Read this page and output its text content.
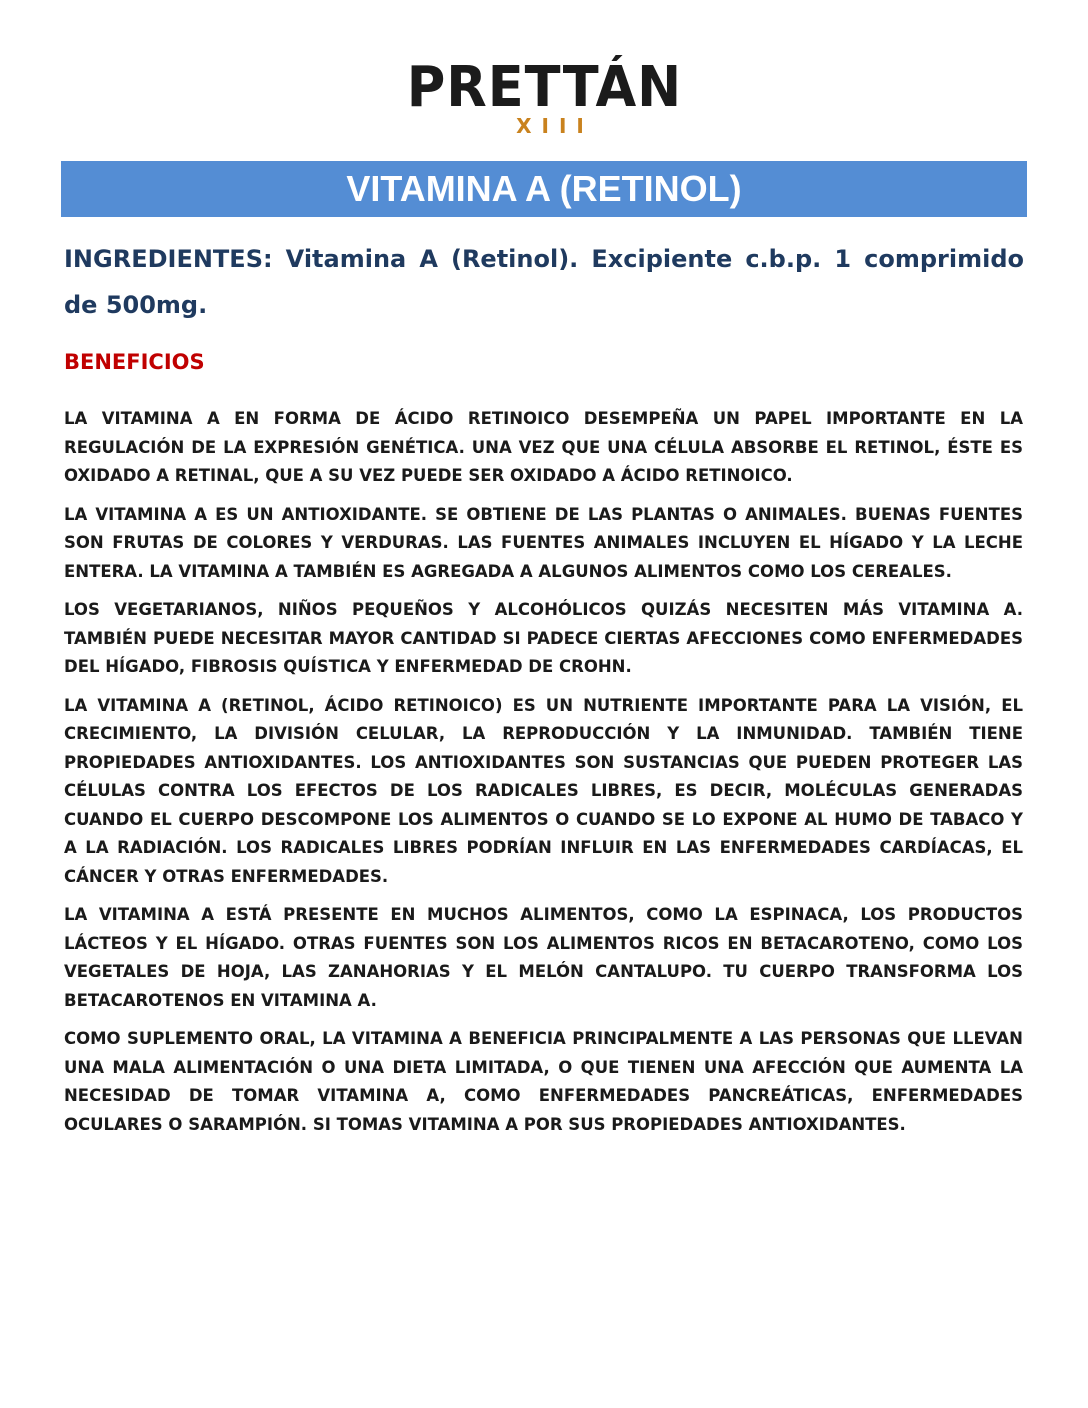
PRETTÁN
XIII
VITAMINA A (RETINOL)
INGREDIENTES: Vitamina A (Retinol). Excipiente c.b.p. 1 comprimido de 500mg.
BENEFICIOS

LA VITAMINA A EN FORMA DE ÁCIDO RETINOICO DESEMPEÑA UN PAPEL IMPORTANTE EN LA REGULACIÓN DE LA EXPRESIÓN GENÉTICA. UNA VEZ QUE UNA CÉLULA ABSORBE EL RETINOL, ÉSTE ES OXIDADO A RETINAL, QUE A SU VEZ PUEDE SER OXIDADO A ÁCIDO RETINOICO.

LA VITAMINA A ES UN ANTIOXIDANTE. SE OBTIENE DE LAS PLANTAS O ANIMALES. BUENAS FUENTES SON FRUTAS DE COLORES Y VERDURAS. LAS FUENTES ANIMALES INCLUYEN EL HÍGADO Y LA LECHE ENTERA. LA VITAMINA A TAMBIÉN ES AGREGADA A ALGUNOS ALIMENTOS COMO LOS CEREALES.

LOS VEGETARIANOS, NIÑOS PEQUEÑOS Y ALCOHÓLICOS QUIZÁS NECESITEN MÁS VITAMINA A. TAMBIÉN PUEDE NECESITAR MAYOR CANTIDAD SI PADECE CIERTAS AFECCIONES COMO ENFERMEDADES DEL HÍGADO, FIBROSIS QUÍSTICA Y ENFERMEDAD DE CROHN.

LA VITAMINA A (RETINOL, ÁCIDO RETINOICO) ES UN NUTRIENTE IMPORTANTE PARA LA VISIÓN, EL CRECIMIENTO, LA DIVISIÓN CELULAR, LA REPRODUCCIÓN Y LA INMUNIDAD. TAMBIÉN TIENE PROPIEDADES ANTIOXIDANTES. LOS ANTIOXIDANTES SON SUSTANCIAS QUE PUEDEN PROTEGER LAS CÉLULAS CONTRA LOS EFECTOS DE LOS RADICALES LIBRES, ES DECIR, MOLÉCULAS GENERADAS CUANDO EL CUERPO DESCOMPONE LOS ALIMENTOS O CUANDO SE LO EXPONE AL HUMO DE TABACO Y A LA RADIACIÓN. LOS RADICALES LIBRES PODRÍAN INFLUIR EN LAS ENFERMEDADES CARDÍACAS, EL CÁNCER Y OTRAS ENFERMEDADES.

LA VITAMINA A ESTÁ PRESENTE EN MUCHOS ALIMENTOS, COMO LA ESPINACA, LOS PRODUCTOS LÁCTEOS Y EL HÍGADO. OTRAS FUENTES SON LOS ALIMENTOS RICOS EN BETACAROTENO, COMO LOS VEGETALES DE HOJA, LAS ZANAHORIAS Y EL MELÓN CANTALUPO. TU CUERPO TRANSFORMA LOS BETACAROTENOS EN VITAMINA A.

COMO SUPLEMENTO ORAL, LA VITAMINA A BENEFICIA PRINCIPALMENTE A LAS PERSONAS QUE LLEVAN UNA MALA ALIMENTACIÓN O UNA DIETA LIMITADA, O QUE TIENEN UNA AFECCIÓN QUE AUMENTA LA NECESIDAD DE TOMAR VITAMINA A, COMO ENFERMEDADES PANCREÁTICAS, ENFERMEDADES OCULARES O SARAMPIÓN. SI TOMAS VITAMINA A POR SUS PROPIEDADES ANTIOXIDANTES.
